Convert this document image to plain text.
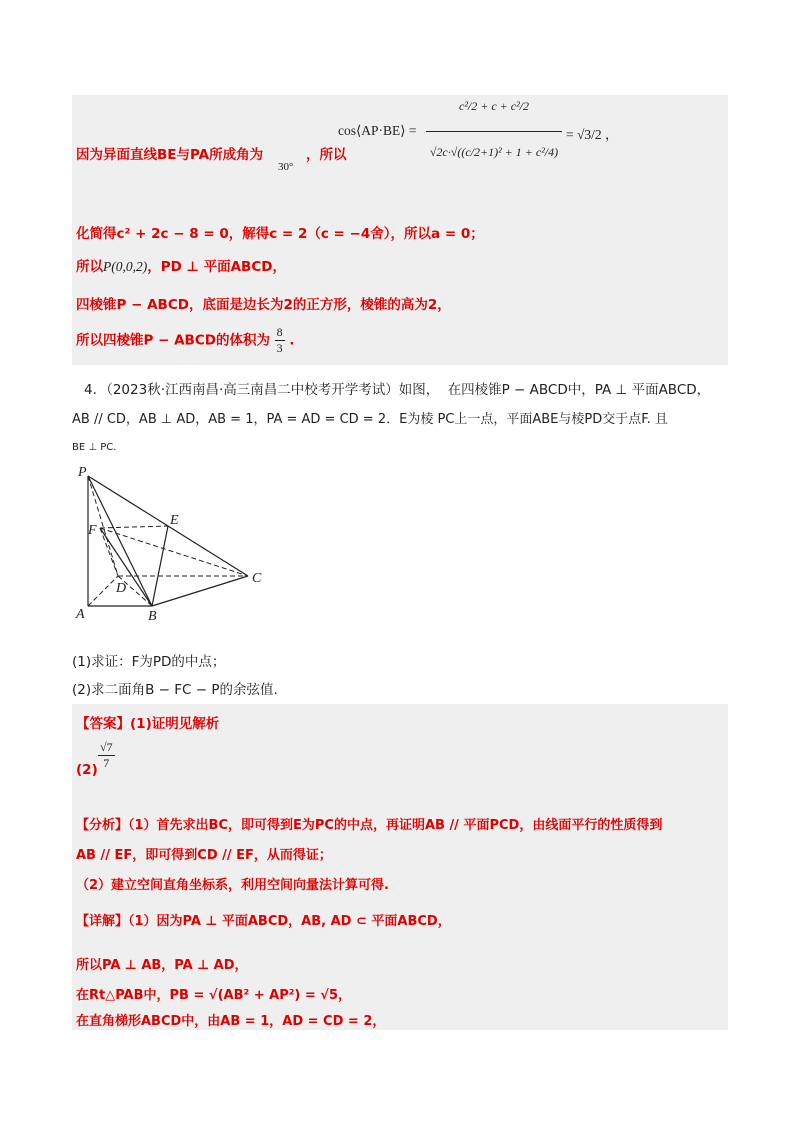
因为异面直线BE与PA所成角为
30°
，所以
cos⟨AP·BE⟩ =
c²/2 + c + c²/2
√2c·√((c/2+1)² + 1 + c²/4)
= √3/2 ，
化简得c² + 2c − 8 = 0，解得c = 2（c = −4舍），所以a = 0；
所以P(0,0,2)，PD ⊥ 平面ABCD，
四棱锥P − ABCD，底面是边长为2的正方形，棱锥的高为2，
所以四棱锥P − ABCD的体积为 $\frac{8}{3}$ .
4．（2023秋·江西南昌·高三南昌二中校考开学考试）如图， 在四棱锥P − ABCD中，PA ⊥ 平面ABCD，
AB // CD，AB ⊥ AD，AB = 1，PA = AD = CD = 2．E为棱 PC上一点，平面ABE与棱PD交于点F. 且
BE ⊥ PC．
P
E
F
D
C
A	B
(1)求证：F为PD的中点；
(2)求二面角B − FC − P的余弦值.
【答案】(1)证明见解析
$(2) \frac{√7}{7}$
【分析】（1）首先求出BC，即可得到E为PC的中点，再证明AB // 平面PCD，由线面平行的性质得到
AB // EF，即可得到CD // EF，从而得证；
（2）建立空间直角坐标系，利用空间向量法计算可得.
【详解】（1）因为PA ⊥ 平面ABCD，AB, AD ⊂ 平面ABCD，
所以PA ⊥ AB，PA ⊥ AD，
在Rt△PAB中，PB = √(AB² + AP²) = √5，
在直角梯形ABCD中，由AB = 1，AD = CD = 2，
